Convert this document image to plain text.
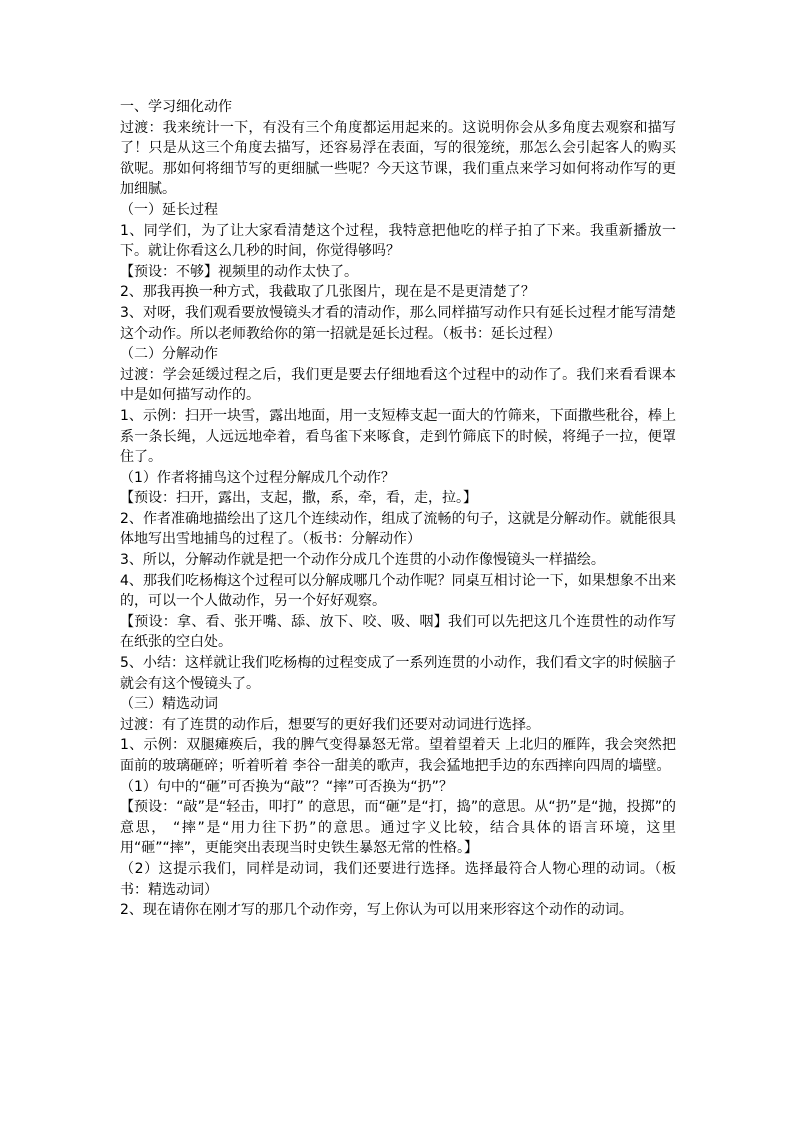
一、学习细化动作

过渡：我来统计一下，有没有三个角度都运用起来的。这说明你会从多角度去观察和描写了！只是从这三个角度去描写，还容易浮在表面，写的很笼统，那怎么会引起客人的购买欲呢。那如何将细节写的更细腻一些呢？今天这节课，我们重点来学习如何将动作写的更加细腻。

（一）延长过程

1、同学们，为了让大家看清楚这个过程，我特意把他吃的样子拍了下来。我重新播放一下。就让你看这么几秒的时间，你觉得够吗？

【预设：不够】视频里的动作太快了。

2、那我再换一种方式，我截取了几张图片，现在是不是更清楚了？

3、对呀，我们观看要放慢镜头才看的清动作，那么同样描写动作只有延长过程才能写清楚这个动作。所以老师教给你的第一招就是延长过程。（板书：延长过程）

（二）分解动作

过渡：学会延缓过程之后，我们更是要去仔细地看这个过程中的动作了。我们来看看课本中是如何描写动作的。

1、示例：扫开一块雪，露出地面，用一支短棒支起一面大的竹筛来，下面撒些秕谷，棒上系一条长绳，人远远地牵着，看鸟雀下来啄食，走到竹筛底下的时候，将绳子一拉，便罩住了。

（1）作者将捕鸟这个过程分解成几个动作？

【预设：扫开，露出，支起，撒，系，牵，看，走，拉。】

2、作者准确地描绘出了这几个连续动作，组成了流畅的句子，这就是分解动作。就能很具体地写出雪地捕鸟的过程了。（板书：分解动作）

3、所以，分解动作就是把一个动作分成几个连贯的小动作像慢镜头一样描绘。

4、那我们吃杨梅这个过程可以分解成哪几个动作呢？同桌互相讨论一下，如果想象不出来的，可以一个人做动作，另一个好好观察。

【预设：拿、看、张开嘴、舔、放下、咬、吸、咽】我们可以先把这几个连贯性的动作写在纸张的空白处。

5、小结：这样就让我们吃杨梅的过程变成了一系列连贯的小动作，我们看文字的时候脑子就会有这个慢镜头了。

（三）精选动词

过渡：有了连贯的动作后，想要写的更好我们还要对动词进行选择。

1、示例：双腿瘫痪后，我的脾气变得暴怒无常。望着望着天 上北归的雁阵，我会突然把面前的玻璃砸碎；听着听着 李谷一甜美的歌声，我会猛地把手边的东西摔向四周的墙壁。

（1）句中的“砸”可否换为“敲”？“摔”可否换为“扔”？

【预设：“敲”是“轻击，叩打” 的意思，而“砸”是“打，捣”的意思。从“扔”是“抛，投掷”的意思， “摔”是“用力往下扔”的意思。通过字义比较，结合具体的语言环境，这里用“砸”“摔”，更能突出表现当时史铁生暴怒无常的性格。】

（2）这提示我们，同样是动词，我们还要进行选择。选择最符合人物心理的动词。（板书：精选动词）

2、现在请你在刚才写的那几个动作旁，写上你认为可以用来形容这个动作的动词。
